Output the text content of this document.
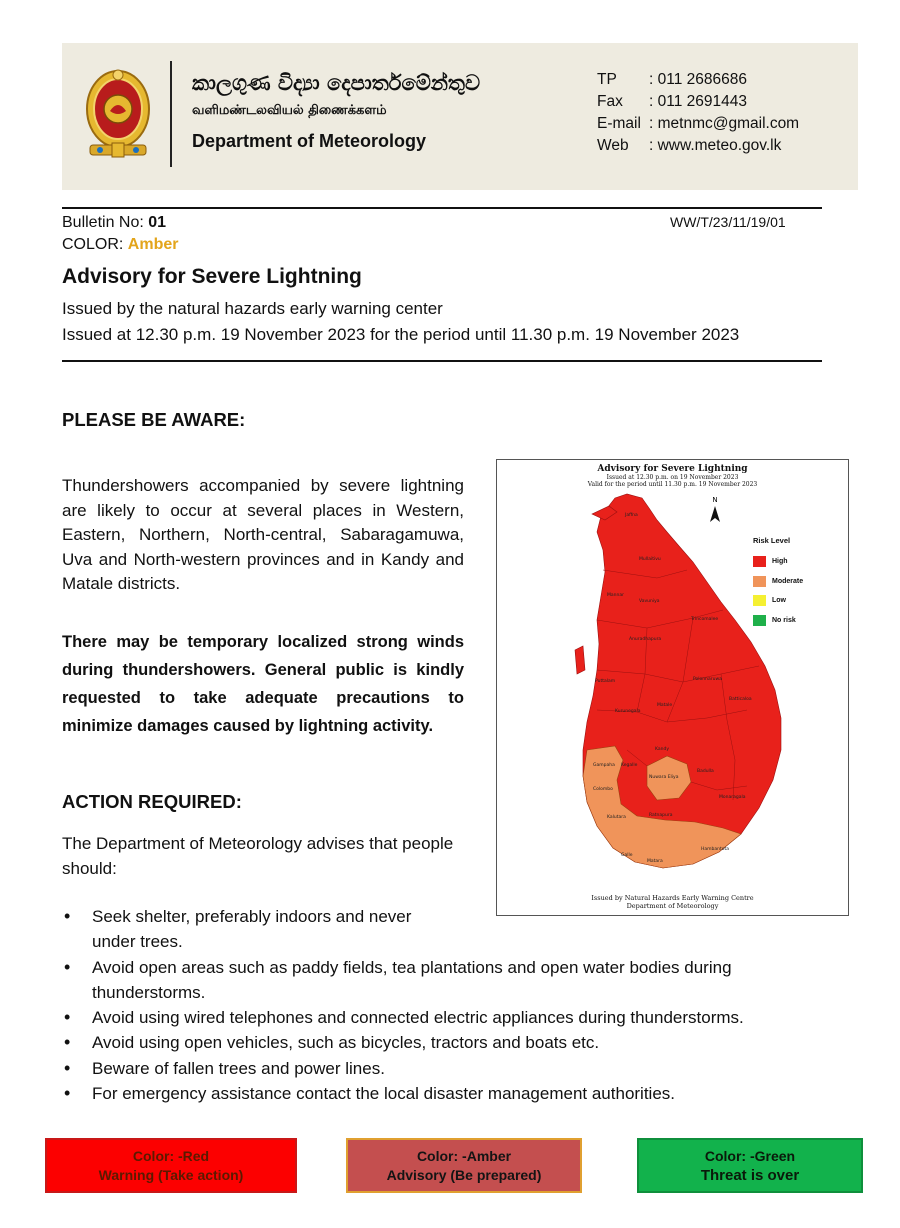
කාලගුණ විද්‍යා දෙපාර්තමේන්තුව
வளிமண்டலவியல் திணைக்களம்
Department of Meteorology
TP	: 011 2686686
Fax	: 011 2691443
E-mail : metnmc@gmail.com
Web	: www.meteo.gov.lk
Bulletin No: 01
COLOR: Amber
WW/T/23/11/19/01
Advisory for Severe Lightning
Issued by the natural hazards early warning center
Issued at 12.30 p.m. 19 November 2023 for the period until 11.30 p.m. 19 November 2023
PLEASE BE AWARE:
Thundershowers accompanied by severe lightning are likely to occur at several places in Western, Eastern, Northern, North-central, Sabaragamuwa, Uva and North-western provinces and in Kandy and Matale districts.
There may be temporary localized strong winds during thundershowers. General public is kindly requested to take adequate precautions to minimize damages caused by lightning activity.
Advisory for Severe Lightning
Issued at 12.30 p.m. on 19 November 2023
Valid for the period until 11.30 p.m. 19 November 2023
N
Jaffna
Mullaitivu
Mannar
Vavuniya
Trincomalee
Anuradhapura
Puttalam	Polonnaruwa
Batticaloa
Kurunegala
Matale
Kandy
Gampaha Kegalle
Nuwara Eliya
Badulla
Colombo
Monaragala
Kalutara	Ratnapura
Hambantota
Galle
Matara
Risk Level
High
Moderate
Low
No risk
Issued by Natural Hazards Early Warning Centre
Department of Meteorology
ACTION REQUIRED:
The Department of Meteorology advises that people should:
• Seek shelter, preferably indoors and never under trees.
• Avoid open areas such as paddy fields, tea plantations and open water bodies during thunderstorms.
• Avoid using wired telephones and connected electric appliances during thunderstorms.
• Avoid using open vehicles, such as bicycles, tractors and boats etc.
• Beware of fallen trees and power lines.
• For emergency assistance contact the local disaster management authorities.
Color: -Red
Warning (Take action)
Color: -Amber
Advisory (Be prepared)
Color: -Green
Threat is over
